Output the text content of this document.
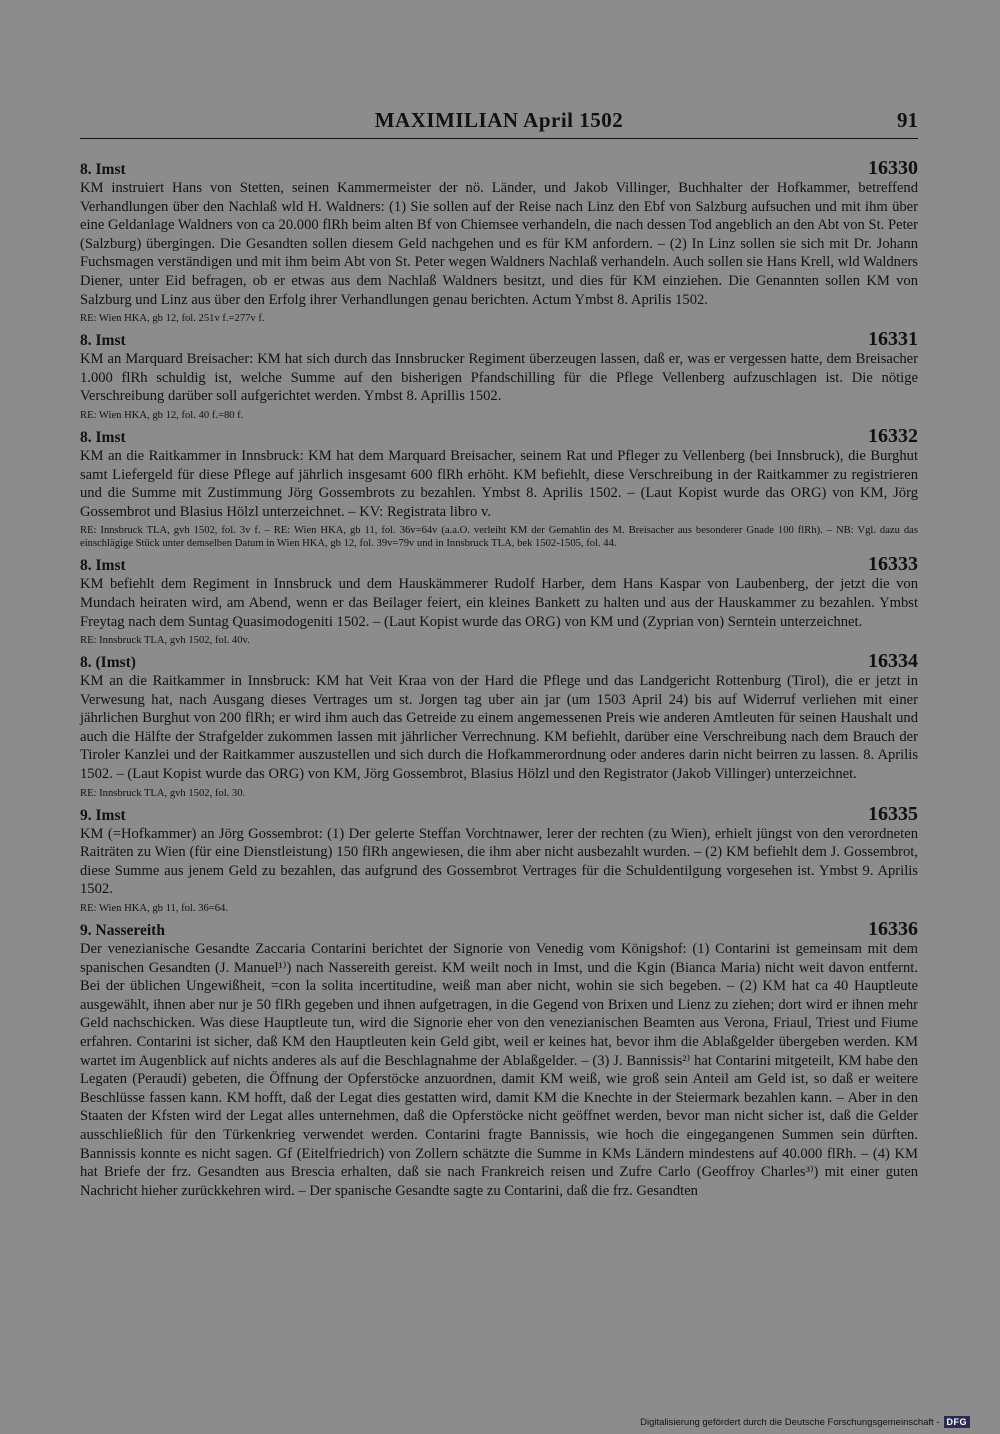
MAXIMILIAN April 1502	91
8. Imst	16330

KM instruiert Hans von Stetten, seinen Kammermeister der nö. Länder, und Jakob Villinger, Buchhalter der Hofkammer, betreffend Verhandlungen über den Nachlaß wld H. Waldners: (1) Sie sollen auf der Reise nach Linz den Ebf von Salzburg aufsuchen und mit ihm über eine Geldanlage Waldners von ca 20.000 flRh beim alten Bf von Chiemsee verhandeln, die nach dessen Tod angeblich an den Abt von St. Peter (Salzburg) übergingen. Die Gesandten sollen diesem Geld nachgehen und es für KM anfordern. – (2) In Linz sollen sie sich mit Dr. Johann Fuchsmagen verständigen und mit ihm beim Abt von St. Peter wegen Waldners Nachlaß verhandeln. Auch sollen sie Hans Krell, wld Waldners Diener, unter Eid befragen, ob er etwas aus dem Nachlaß Waldners besitzt, und dies für KM einziehen. Die Genannten sollen KM von Salzburg und Linz aus über den Erfolg ihrer Verhandlungen genau berichten. Actum Ymbst 8. Aprilis 1502.

RE: Wien HKA, gb 12, fol. 251v f.=277v f.

8. Imst	16331

KM an Marquard Breisacher: KM hat sich durch das Innsbrucker Regiment überzeugen lassen, daß er, was er vergessen hatte, dem Breisacher 1.000 flRh schuldig ist, welche Summe auf den bisherigen Pfandschilling für die Pflege Vellenberg aufzuschlagen ist. Die nötige Verschreibung darüber soll aufgerichtet werden. Ymbst 8. Aprillis 1502.

RE: Wien HKA, gb 12, fol. 40 f.=80 f.

8. Imst	16332

KM an die Raitkammer in Innsbruck: KM hat dem Marquard Breisacher, seinem Rat und Pfleger zu Vellenberg (bei Innsbruck), die Burghut samt Liefergeld für diese Pflege auf jährlich insgesamt 600 flRh erhöht. KM befiehlt, diese Verschreibung in der Raitkammer zu registrieren und die Summe mit Zustimmung Jörg Gossembrots zu bezahlen. Ymbst 8. Aprilis 1502. – (Laut Kopist wurde das ORG) von KM, Jörg Gossembrot und Blasius Hölzl unterzeichnet. – KV: Registrata libro v.

RE: Innsbruck TLA, gvh 1502, fol. 3v f. – RE: Wien HKA, gb 11, fol. 36v=64v (a.a.O. verleiht KM der Gemahlin des M. Breisacher aus besonderer Gnade 100 flRh). – NB: Vgl. dazu das einschlägige Stück unter demselben Datum in Wien HKA, gb 12, fol. 39v=79v und in Innsbruck TLA, bek 1502-1505, fol. 44.

8. Imst	16333

KM befiehlt dem Regiment in Innsbruck und dem Hauskämmerer Rudolf Harber, dem Hans Kaspar von Laubenberg, der jetzt die von Mundach heiraten wird, am Abend, wenn er das Beilager feiert, ein kleines Bankett zu halten und aus der Hauskammer zu bezahlen. Ymbst Freytag nach dem Suntag Quasimodogeniti 1502. – (Laut Kopist wurde das ORG) von KM und (Zyprian von) Serntein unterzeichnet.

RE: Innsbruck TLA, gvh 1502, fol. 40v.

8. (Imst)	16334

KM an die Raitkammer in Innsbruck: KM hat Veit Kraa von der Hard die Pflege und das Landgericht Rottenburg (Tirol), die er jetzt in Verwesung hat, nach Ausgang dieses Vertrages um st. Jorgen tag uber ain jar (um 1503 April 24) bis auf Widerruf verliehen mit einer jährlichen Burghut von 200 flRh; er wird ihm auch das Getreide zu einem angemessenen Preis wie anderen Amtleuten für seinen Haushalt und auch die Hälfte der Strafgelder zukommen lassen mit jährlicher Verrechnung. KM befiehlt, darüber eine Verschreibung nach dem Brauch der Tiroler Kanzlei und der Raitkammer auszustellen und sich durch die Hofkammerordnung oder anderes darin nicht beirren zu lassen. 8. Aprilis 1502. – (Laut Kopist wurde das ORG) von KM, Jörg Gossembrot, Blasius Hölzl und den Registrator (Jakob Villinger) unterzeichnet.

RE: Innsbruck TLA, gvh 1502, fol. 30.

9. Imst	16335

KM (=Hofkammer) an Jörg Gossembrot: (1) Der gelerte Steffan Vorchtnawer, lerer der rechten (zu Wien), erhielt jüngst von den verordneten Raiträten zu Wien (für eine Dienstleistung) 150 flRh angewiesen, die ihm aber nicht ausbezahlt wurden. – (2) KM befiehlt dem J. Gossembrot, diese Summe aus jenem Geld zu bezahlen, das aufgrund des Gossembrot Vertrages für die Schuldentilgung vorgesehen ist. Ymbst 9. Aprilis 1502.

RE: Wien HKA, gb 11, fol. 36=64.

9. Nassereith	16336

Der venezianische Gesandte Zaccaria Contarini berichtet der Signorie von Venedig vom Königshof: (1) Contarini ist gemeinsam mit dem spanischen Gesandten (J. Manuel¹⁾) nach Nassereith gereist. KM weilt noch in Imst, und die Kgin (Bianca Maria) nicht weit davon entfernt. Bei der üblichen Ungewißheit, =con la solita incertitudine, weiß man aber nicht, wohin sie sich begeben. – (2) KM hat ca 40 Hauptleute ausgewählt, ihnen aber nur je 50 flRh gegeben und ihnen aufgetragen, in die Gegend von Brixen und Lienz zu ziehen; dort wird er ihnen mehr Geld nachschicken. Was diese Hauptleute tun, wird die Signorie eher von den venezianischen Beamten aus Verona, Friaul, Triest und Fiume erfahren. Contarini ist sicher, daß KM den Hauptleuten kein Geld gibt, weil er keines hat, bevor ihm die Ablaßgelder übergeben werden. KM wartet im Augenblick auf nichts anderes als auf die Beschlagnahme der Ablaßgelder. – (3) J. Bannissis²⁾ hat Contarini mitgeteilt, KM habe den Legaten (Peraudi) gebeten, die Öffnung der Opferstöcke anzuordnen, damit KM weiß, wie groß sein Anteil am Geld ist, so daß er weitere Beschlüsse fassen kann. KM hofft, daß der Legat dies gestatten wird, damit KM die Knechte in der Steiermark bezahlen kann. – Aber in den Staaten der Kfsten wird der Legat alles unternehmen, daß die Opferstöcke nicht geöffnet werden, bevor man nicht sicher ist, daß die Gelder ausschließlich für den Türkenkrieg verwendet werden. Contarini fragte Bannissis, wie hoch die eingegangenen Summen sein dürften. Bannissis konnte es nicht sagen. Gf (Eitelfriedrich) von Zollern schätzte die Summe in KMs Ländern mindestens auf 40.000 flRh. – (4) KM hat Briefe der frz. Gesandten aus Brescia erhalten, daß sie nach Frankreich reisen und Zufre Carlo (Geoffroy Charles³⁾) mit einer guten Nachricht hieher zurückkehren wird. – Der spanische Gesandte sagte zu Contarini, daß die frz. Gesandten

Digitalisierung gefördert durch die Deutsche Forschungsgemeinschaft - DFG
